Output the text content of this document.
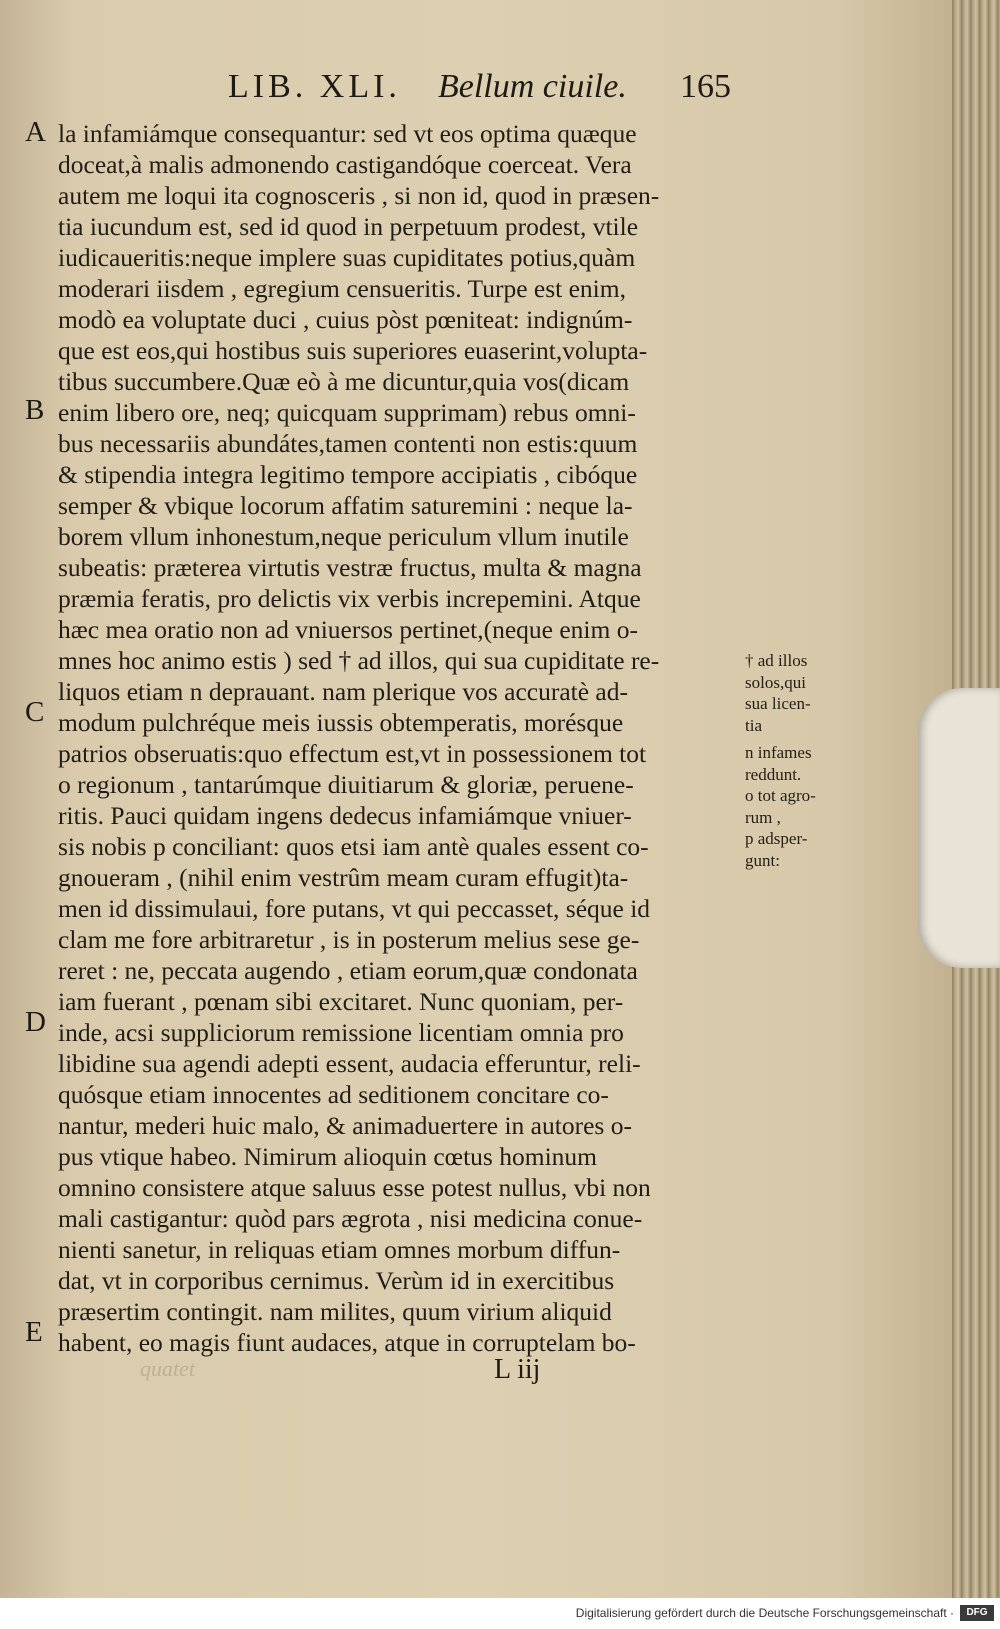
LIB. XLI. Bellum ciuile. 165
A
B
C
D
E
la infamiámque consequantur: sed vt eos optima quæque
doceat,à malis admonendo castigandóque coerceat. Vera
autem me loqui ita cognosceris , si non id, quod in præsen-
tia iucundum est, sed id quod in perpetuum prodest, vtile
iudicaueritis:neque implere suas cupiditates potius,quàm
moderari iisdem , egregium censueritis. Turpe est enim,
modò ea voluptate duci , cuius pòst pœniteat: indignúm-
que est eos,qui hostibus suis superiores euaserint,volupta-
tibus succumbere.Quæ eò à me dicuntur,quia vos(dicam
enim libero ore, neq; quicquam supprimam) rebus omni-
bus necessariis abundátes,tamen contenti non estis:quum
& stipendia integra legitimo tempore accipiatis , cibóque
semper & vbique locorum affatim saturemini : neque la-
borem vllum inhonestum,neque periculum vllum inutile
subeatis: præterea virtutis vestræ fructus, multa & magna
præmia feratis, pro delictis vix verbis increpemini. Atque
hæc mea oratio non ad vniuersos pertinet,(neque enim o-
mnes hoc animo estis ) sed † ad illos, qui sua cupiditate re-
liquos etiam n deprauant. nam plerique vos accuratè ad-
modum pulchréque meis iussis obtemperatis, morésque
patrios obseruatis:quo effectum est,vt in possessionem tot
o regionum , tantarúmque diuitiarum & gloriæ, peruene-
ritis. Pauci quidam ingens dedecus infamiámque vniuer-
sis nobis p conciliant: quos etsi iam antè quales essent co-
gnoueram , (nihil enim vestrûm meam curam effugit)ta-
men id dissimulaui, fore putans, vt qui peccasset, séque id
clam me fore arbitraretur , is in posterum melius sese ge-
reret : ne, peccata augendo , etiam eorum,quæ condonata
iam fuerant , pœnam sibi excitaret. Nunc quoniam, per-
inde, acsi suppliciorum remissione licentiam omnia pro
libidine sua agendi adepti essent, audacia efferuntur, reli-
quósque etiam innocentes ad seditionem concitare co-
nantur, mederi huic malo, & animaduertere in autores o-
pus vtique habeo. Nimirum alioquin cœtus hominum
omnino consistere atque saluus esse potest nullus, vbi non
mali castigantur: quòd pars ægrota , nisi medicina conue-
nienti sanetur, in reliquas etiam omnes morbum diffun-
dat, vt in corporibus cernimus. Verùm id in exercitibus
præsertim contingit. nam milites, quum virium aliquid
habent, eo magis fiunt audaces, atque in corruptelam bo-
† ad illos
solos,qui
sua licen-
tia
n infames
reddunt.
o tot agro-
rum ,
p adsper-
gunt:
quatet	L iij
Digitalisierung gefördert durch die Deutsche Forschungsgemeinschaft ·	DFG
